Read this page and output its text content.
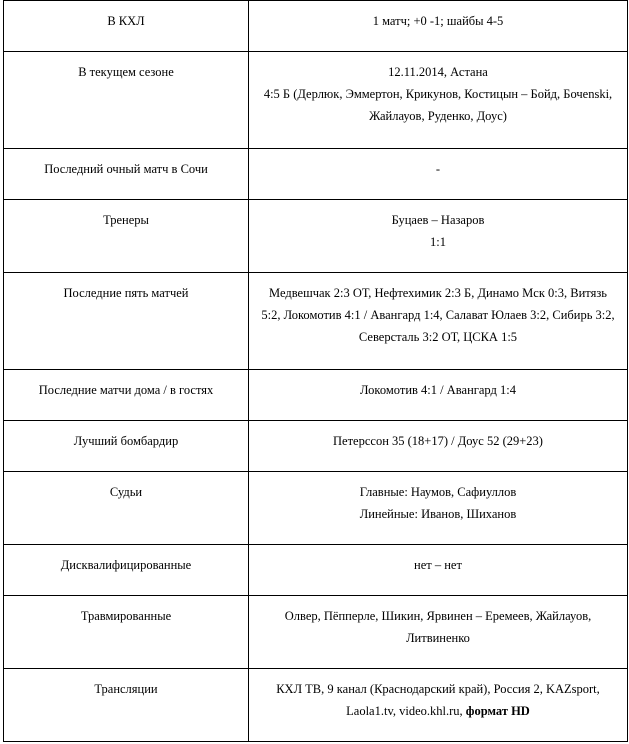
В КХЛ	1 матч; +0 -1; шайбы 4-5
В текущем сезоне	12.11.2014, Астана
4:5 Б (Дерлюк, Эммертон, Крикунов, Костицын – Бойд, Бочenski, Жайлауов, Руденко, Доус)
Последний очный матч в Сочи	-
Тренеры	Буцаев – Назаров
1:1
Последние пять матчей	Медвешчак 2:3 ОТ, Нефтехимик 2:3 Б, Динамо Мск 0:3, Витязь 5:2, Локомотив 4:1 / Авангард 1:4, Салават Юлаев 3:2, Сибирь 3:2, Северсталь 3:2 ОТ, ЦСКА 1:5
Последние матчи дома / в гостях	Локомотив 4:1 / Авангард 1:4
Лучший бомбардир	Петерссон 35 (18+17) / Доус 52 (29+23)
Судьи	Главные: Наумов, Сафиуллов
Линейные: Иванов, Шиханов
Дисквалифицированные	нет – нет
Травмированные	Олвер, Пёпперле, Шикин, Ярвинен – Еремеев, Жайлауов, Литвиненко
Трансляции	КХЛ ТВ, 9 канал (Краснодарский край), Россия 2, KAZsport, Laola1.tv, video.khl.ru, формат HD
